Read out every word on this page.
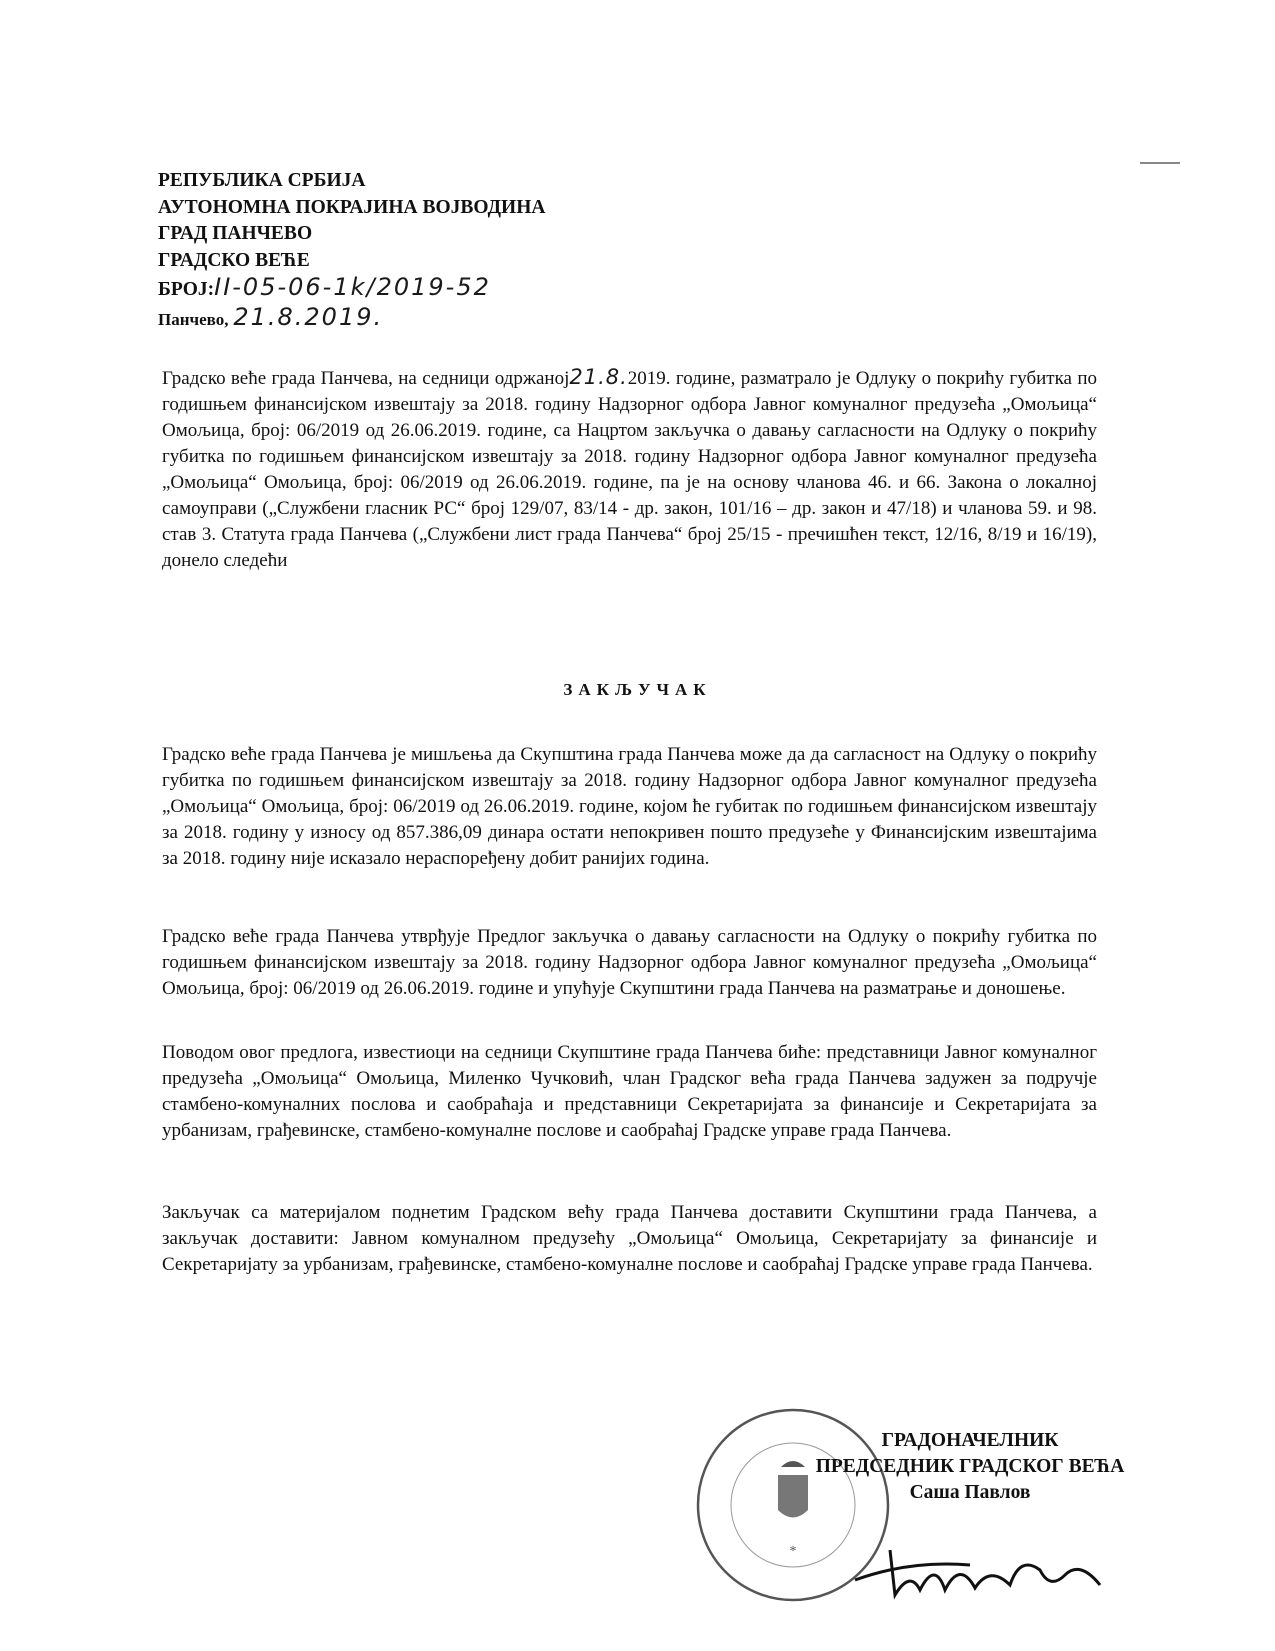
РЕПУБЛИКА СРБИЈА
АУТОНОМНА ПОКРАЈИНА ВОЈВОДИНА
ГРАД ПАНЧЕВО
ГРАДСКО ВЕЋЕ
БРОЈ:II-05-06-1k/2019-52
Панчево, 21.8.2019.
Градско веће града Панчева, на седници одржаној21.8.2019. године, разматрало је Одлуку о покрићу губитка по годишњем финансијском извештају за 2018. годину Надзорног одбора Јавног комуналног предузећа „Омољица“ Омољица, број: 06/2019 од 26.06.2019. године, са Нацртом закључка о давању сагласности на Одлуку о покрићу губитка по годишњем финансијском извештају за 2018. годину Надзорног одбора Јавног комуналног предузећа „Омољица“ Омољица, број: 06/2019 од 26.06.2019. године, па је на основу чланова 46. и 66. Закона о локалној самоуправи („Службени гласник РС“ број 129/07, 83/14 - др. закон, 101/16 – др. закон и 47/18) и чланова 59. и 98. став 3. Статута града Панчева („Службени лист града Панчева“ број 25/15 - пречишћен текст, 12/16, 8/19 и 16/19), донело следећи
ЗАКЉУЧАК
Градско веће града Панчева је мишљења да Скупштина града Панчева може да да сагласност на Одлуку о покрићу губитка по годишњем финансијском извештају за 2018. годину Надзорног одбора Јавног комуналног предузећа „Омољица“ Омољица, број: 06/2019 од 26.06.2019. године, којом ће губитак по годишњем финансијском извештају за 2018. годину у износу од 857.386,09 динара остати непокривен пошто предузеће у Финансијским извештајима за 2018. годину није исказало нераспоређену добит ранијих година.
Градско веће града Панчева утврђује Предлог закључка о давању сагласности на Одлуку о покрићу губитка по годишњем финансијском извештају за 2018. годину Надзорног одбора Јавног комуналног предузећа „Омољица“ Омољица, број: 06/2019 од 26.06.2019. године и упућује Скупштини града Панчева на разматрање и доношење.
Поводом овог предлога, известиоци на седници Скупштине града Панчева биће: представници Јавног комуналног предузећа „Омољица“ Омољица, Миленко Чучковић, члан Градског већа града Панчева задужен за подручје стамбено-комуналних послова и саобраћаја и представници Секретаријата за финансије и Секретаријата за урбанизам, грађевинске, стамбено-комуналне послове и саобраћај Градске управе града Панчева.
Закључак са материјалом поднетим Градском већу града Панчева доставити Скупштини града Панчева, а закључак доставити: Јавном комуналном предузећу „Омољица“ Омољица, Секретаријату за финансије и Секретаријату за урбанизам, грађевинске, стамбено-комуналне послове и саобраћај Градске управе града Панчева.
*
ГРАДОНАЧЕЛНИК
ПРЕДСЕДНИК ГРАДСКОГ ВЕЋА
Саша Павлов
